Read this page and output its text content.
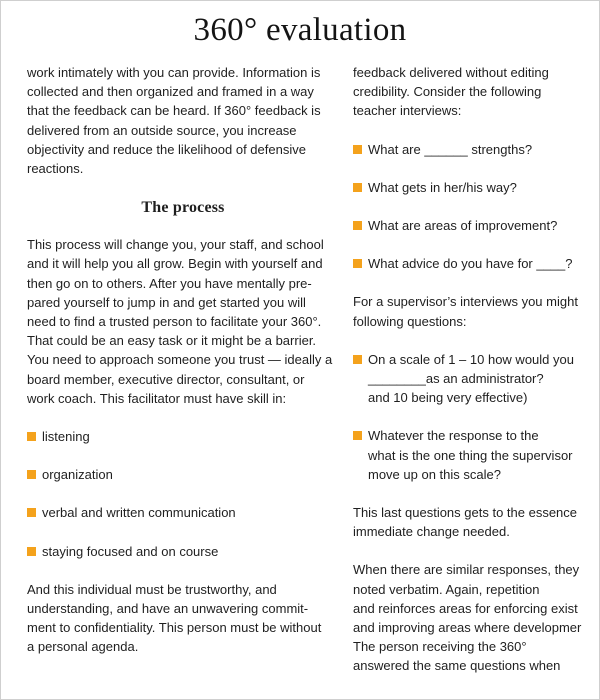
360° evaluation
work intimately with you can provide. Information is
collected and then organized and framed in a way
that the feedback can be heard. If 360° feedback is
delivered from an outside source, you increase
objectivity and reduce the likelihood of defensive
reactions.
The process
This process will change you, your staff, and school
and it will help you all grow. Begin with yourself and
then go on to others. After you have mentally pre-
pared yourself to jump in and get started you will
need to find a trusted person to facilitate your 360°.
That could be an easy task or it might be a barrier.
You need to approach someone you trust — ideally a
board member, executive director, consultant, or
work coach. This facilitator must have skill in:
listening
organization
verbal and written communication
staying focused and on course
And this individual must be trustworthy, and
understanding, and have an unwavering commit-
ment to confidentiality. This person must be without
a personal agenda.
feedback delivered without editing
credibility. Consider the following
teacher interviews:
What are ______ strengths?
What gets in her/his way?
What are areas of improvement?
What advice do you have for ____?
For a supervisor’s interviews you might
following questions:
On a scale of 1 – 10 how would you
________as an administrator?
and 10 being very effective)
Whatever the response to the
what is the one thing the supervisor
move up on this scale?
This last questions gets to the essence
immediate change needed.
When there are similar responses, they
noted verbatim. Again, repetition
and reinforces areas for enforcing exist
and improving areas where developmer
The person receiving the 360°
answered the same questions when
